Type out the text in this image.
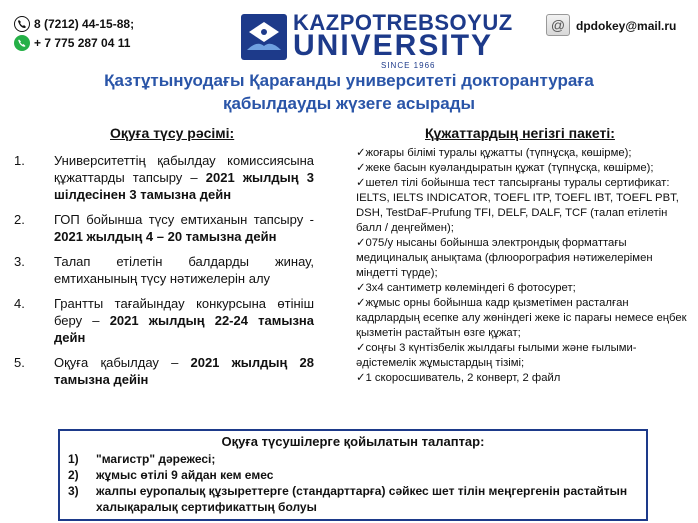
8 (7212) 44-15-88;
+ 7 775 287 04 11
KAZPOTREBSOYUZ
UNIVERSITY
SINCE 1966
@ dpdokey@mail.ru
Қазтұтынуодағы Қарағанды университеті докторантураға
қабылдауды жүзеге асырады
Оқуға түсу рәсімі:
1. Университеттің қабылдау комиссиясына құжаттарды тапсыру – 2021 жылдың 3 шілдесінен 3 тамызна дейн
2. ГОП бойынша түсу емтиханын тапсыру - 2021 жылдың 4 – 20 тамызна дейн
3. Талап етілетін балдарды жинау, емтиханының түсу нәтижелерін алу
4. Грантты тағайындау конкурсына өтініш беру – 2021 жылдың 22-24 тамызна дейн
5. Оқуға қабылдау – 2021 жылдың 28 тамызна дейін
Құжаттардың негізгі пакеті:
✓жоғары білімі туралы құжатты (түпнұсқа, көшірме);
✓жеке басын куәландыратын құжат (түпнұсқа, көшірме);
✓шетел тілі бойынша тест тапсырғаны туралы сертификат: IELTS, IELTS INDICATOR, TOEFL ITP, TOEFL IBT, TOEFL PBT, DSH, TestDaF-Prufung TFI, DELF, DALF, TCF (талап етілетін балл / деңгеймен);
✓075/у нысаны бойынша электрондық форматтағы медициналық анықтама (флюорография нәтижелерімен міндетті түрде);
✓3х4 сантиметр көлеміндегі 6 фотосурет;
✓жұмыс орны бойынша кадр қызметімен расталған кадрлардың есепке алу жөніндегі жеке іс парағы немесе еңбек қызметін растайтын өзге құжат;
✓соңғы 3 күнтізбелік жылдағы ғылыми және ғылыми-әдістемелік жұмыстардың тізімі;
✓1 скоросшиватель, 2 конверт, 2 файл
Оқуға түсушілерге қойылатын талаптар:
1) "магистр" дәрежесі;
2) жұмыс өтілі 9 айдан кем емес
3) жалпы еуропалық құзыреттерге (стандарттарға) сәйкес шет тілін меңгергенін растайтын халықаралық сертификаттың болуы
